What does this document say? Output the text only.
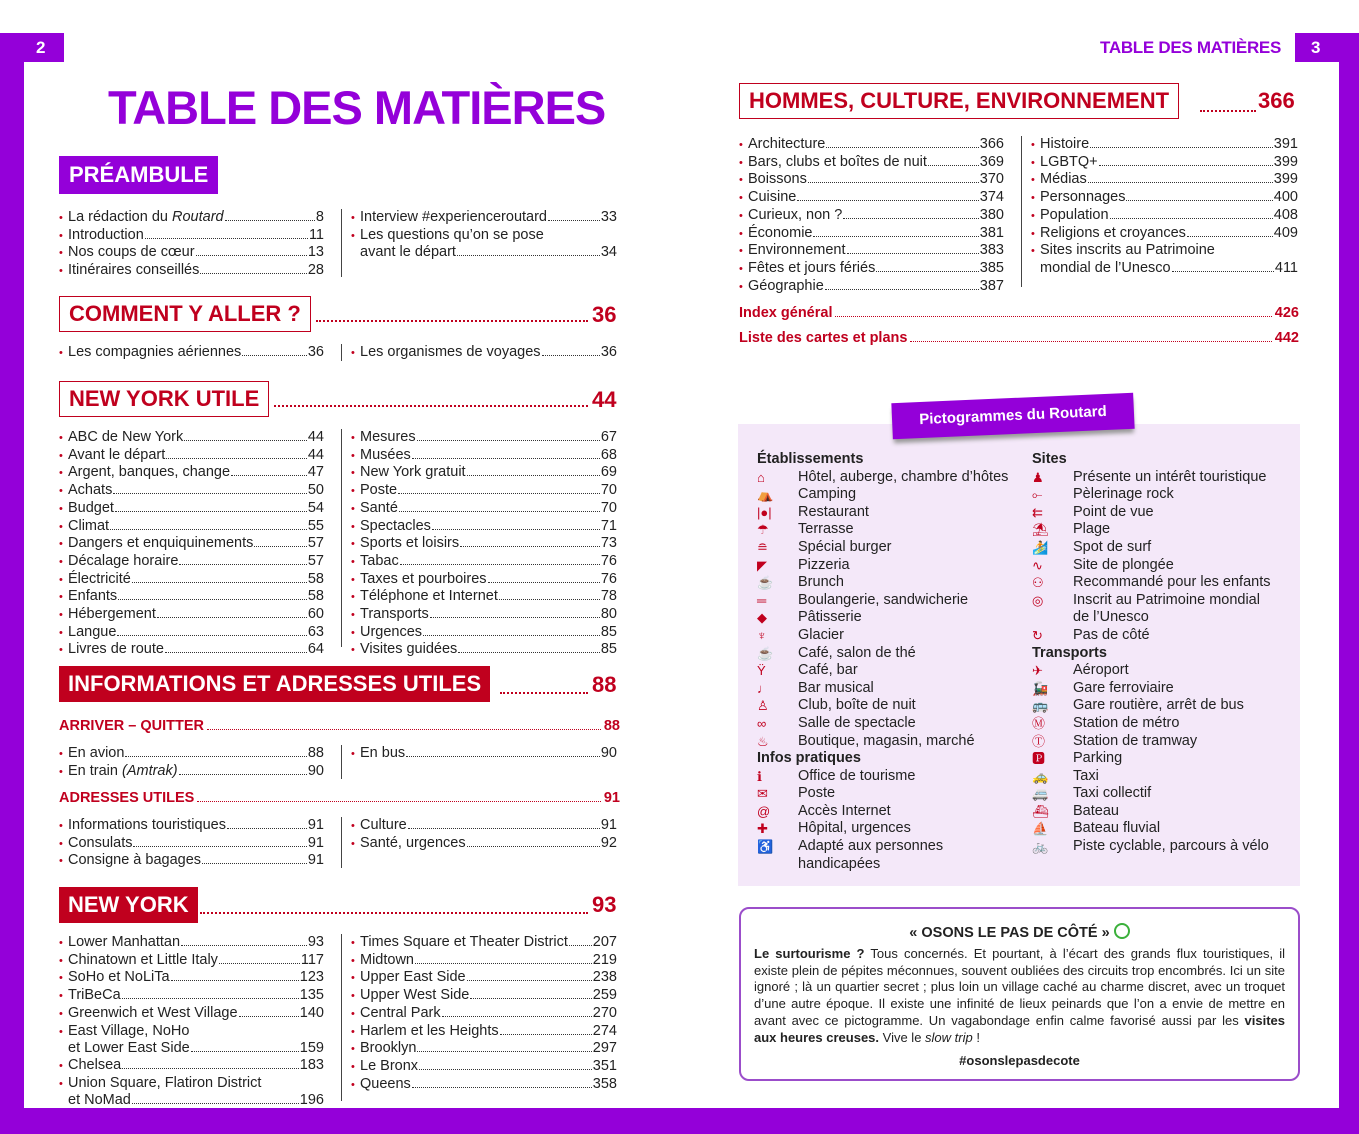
2	3
TABLE DES MATIÈRES
TABLE DES MATIÈRES
PRÉAMBULE
• La rédaction du Routard	8
• Introduction	11
• Nos coups de cœur	13
• Itinéraires conseillés	28
• Interview #experienceroutard	33
• Les questions qu’on se pose
avant le départ	34
COMMENT Y ALLER ?	36
• Les compagnies aériennes	36 • Les organismes de voyages	36
NEW YORK UTILE	44
• ABC de New York	44
• Avant le départ	44
• Argent, banques, change	47
• Achats	50
• Budget	54
• Climat	55
• Dangers et enquiquinements	57
• Décalage horaire	57
• Électricité	58
• Enfants	58
• Hébergement	60
• Langue	63
• Livres de route	64
• Mesures	67
• Musées	68
• New York gratuit	69
• Poste	70
• Santé	70
• Spectacles	71
• Sports et loisirs	73
• Tabac	76
• Taxes et pourboires	76
• Téléphone et Internet	78
• Transports	80
• Urgences	85
• Visites guidées	85
INFORMATIONS ET ADRESSES UTILES	88
ARRIVER – QUITTER	88
• En avion	88
• En train (Amtrak)	90
• En bus	90
ADRESSES UTILES	91
• Informations touristiques	91
• Consulats	91
• Consigne à bagages	91
• Culture	91
• Santé, urgences	92
NEW YORK	93
• Lower Manhattan	93
• Chinatown et Little Italy	117
• SoHo et NoLiTa	123
• TriBeCa	135
• Greenwich et West Village	140
• East Village, NoHo
et Lower East Side	159
• Chelsea	183
• Union Square, Flatiron District
et NoMad	196
• Times Square et Theater District 207
• Midtown	219
• Upper East Side	238
• Upper West Side	259
• Central Park	270
• Harlem et les Heights	274
• Brooklyn	297
• Le Bronx	351
• Queens	358
HOMMES, CULTURE, ENVIRONNEMENT	366
• Architecture	366
• Bars, clubs et boîtes de nuit	369
• Boissons	370
• Cuisine	374
• Curieux, non ?	380
• Économie	381
• Environnement	383
• Fêtes et jours fériés	385
• Géographie	387
• Histoire	391
• LGBTQ+	399
• Médias	399
• Personnages	400
• Population	408
• Religions et croyances	409
• Sites inscrits au Patrimoine
mondial de l’Unesco	411
Index général	426
Liste des cartes et plans	442
Pictogrammes du Routard
Établissements
⌂	Hôtel, auberge, chambre d’hôtes
⛺	Camping
|●|	Restaurant
☂	Terrasse
≘	Spécial burger
◤	Pizzeria
☕	Brunch
═	Boulangerie, sandwicherie
◆	Pâtisserie
♆	Glacier
☕	Café, salon de thé
Ϋ	Café, bar
♩	Bar musical
♙	Club, boîte de nuit
∞	Salle de spectacle
♨	Boutique, magasin, marché
Infos pratiques
ℹ	Office de tourisme
✉	Poste
@	Accès Internet
✚	Hôpital, urgences
♿	Adapté aux personnes
handicapées
Sites
♟	Présente un intérêt touristique
⟜	Pèlerinage rock
⇇	Point de vue
⛱	Plage
🏄	Spot de surf
∿	Site de plongée
⚇	Recommandé pour les enfants
◎	Inscrit au Patrimoine mondial
de l’Unesco
↻	Pas de côté
Transports
✈	Aéroport
🚂	Gare ferroviaire
🚌	Gare routière, arrêt de bus
Ⓜ	Station de métro
Ⓣ	Station de tramway
🅿	Parking
🚕	Taxi
🚐	Taxi collectif
⛴	Bateau
⛵	Bateau fluvial
🚲	Piste cyclable, parcours à vélo
« OSONS LE PAS DE CÔTÉ »
Le surtourisme ? Tous concernés. Et pourtant, à l’écart des grands flux touristiques, il existe plein de pépites méconnues, souvent oubliées des circuits trop encombrés. Ici un site ignoré ; là un quartier secret ; plus loin un village caché au charme discret, avec un troquet d’une autre époque. Il existe une infinité de lieux peinards que l’on a envie de mettre en avant avec ce pictogramme. Un vagabondage enfin calme favorisé aussi par les visites aux heures creuses. Vive le slow trip !
#osonslepasdecote
